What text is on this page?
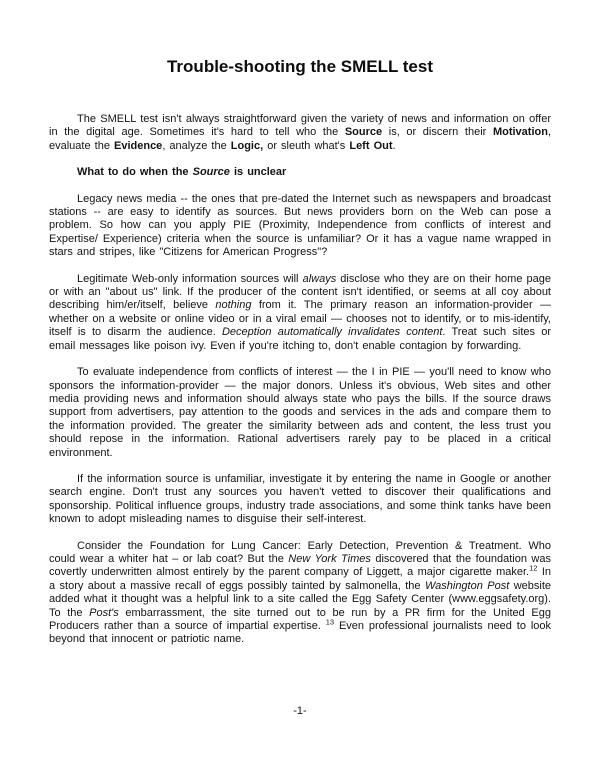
Trouble-shooting the SMELL test

The SMELL test isn't always straightforward given the variety of news and information on offer in the digital age. Sometimes it's hard to tell who the Source is, or discern their Motivation, evaluate the Evidence, analyze the Logic, or sleuth what's Left Out.

What to do when the Source is unclear

Legacy news media -- the ones that pre-dated the Internet such as newspapers and broadcast stations -- are easy to identify as sources. But news providers born on the Web can pose a problem. So how can you apply PIE (Proximity, Independence from conflicts of interest and Expertise/ Experience) criteria when the source is unfamiliar? Or it has a vague name wrapped in stars and stripes, like "Citizens for American Progress"?

Legitimate Web-only information sources will always disclose who they are on their home page or with an "about us" link. If the producer of the content isn't identified, or seems at all coy about describing him/er/itself, believe nothing from it. The primary reason an information-provider — whether on a website or online video or in a viral email — chooses not to identify, or to mis-identify, itself is to disarm the audience. Deception automatically invalidates content. Treat such sites or email messages like poison ivy. Even if you're itching to, don't enable contagion by forwarding.

To evaluate independence from conflicts of interest — the I in PIE — you'll need to know who sponsors the information-provider — the major donors. Unless it's obvious, Web sites and other media providing news and information should always state who pays the bills. If the source draws support from advertisers, pay attention to the goods and services in the ads and compare them to the information provided. The greater the similarity between ads and content, the less trust you should repose in the information. Rational advertisers rarely pay to be placed in a critical environment.

If the information source is unfamiliar, investigate it by entering the name in Google or another search engine. Don't trust any sources you haven't vetted to discover their qualifications and sponsorship. Political influence groups, industry trade associations, and some think tanks have been known to adopt misleading names to disguise their self-interest.

Consider the Foundation for Lung Cancer: Early Detection, Prevention & Treatment. Who could wear a whiter hat – or lab coat? But the New York Times discovered that the foundation was covertly underwritten almost entirely by the parent company of Liggett, a major cigarette maker.$^{12}$ In a story about a massive recall of eggs possibly tainted by salmonella, the Washington Post website added what it thought was a helpful link to a site called the Egg Safety Center (www.eggsafety.org). To the Post's embarrassment, the site turned out to be run by a PR firm for the United Egg Producers rather than a source of impartial expertise. $^{13}$ Even professional journalists need to look beyond that innocent or patriotic name.

-1-
